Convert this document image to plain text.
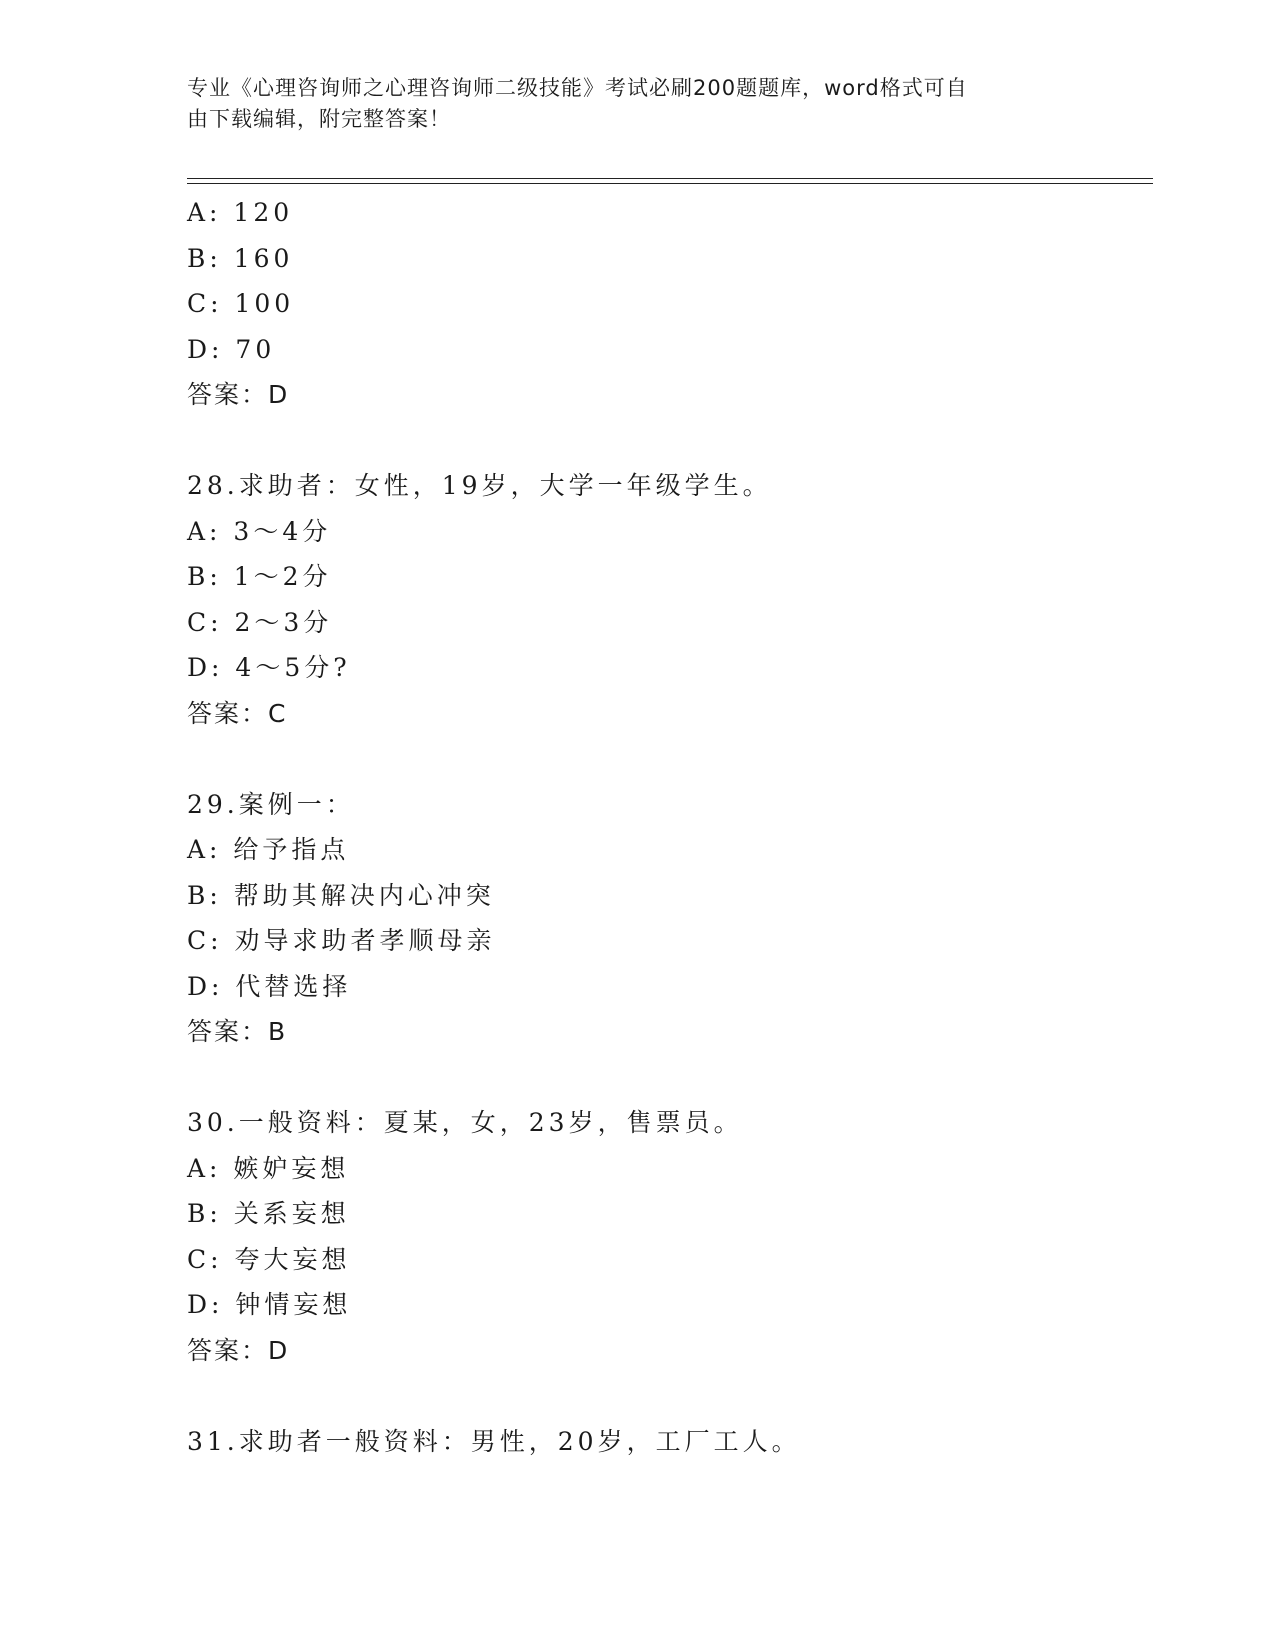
专业《心理咨询师之心理咨询师二级技能》考试必刷200题题库，word格式可自
由下载编辑，附完整答案！
A: 120
B: 160
C: 100
D: 70
答案：D
28.求助者：女性，19岁，大学一年级学生。
A: 3～4分
B: 1～2分
C: 2～3分
D: 4～5分?
答案：C
29.案例一：
A: 给予指点
B: 帮助其解决内心冲突
C: 劝导求助者孝顺母亲
D: 代替选择
答案：B
30.一般资料：夏某，女，23岁，售票员。
A: 嫉妒妄想
B: 关系妄想
C: 夸大妄想
D: 钟情妄想
答案：D
31.求助者一般资料：男性，20岁，工厂工人。
